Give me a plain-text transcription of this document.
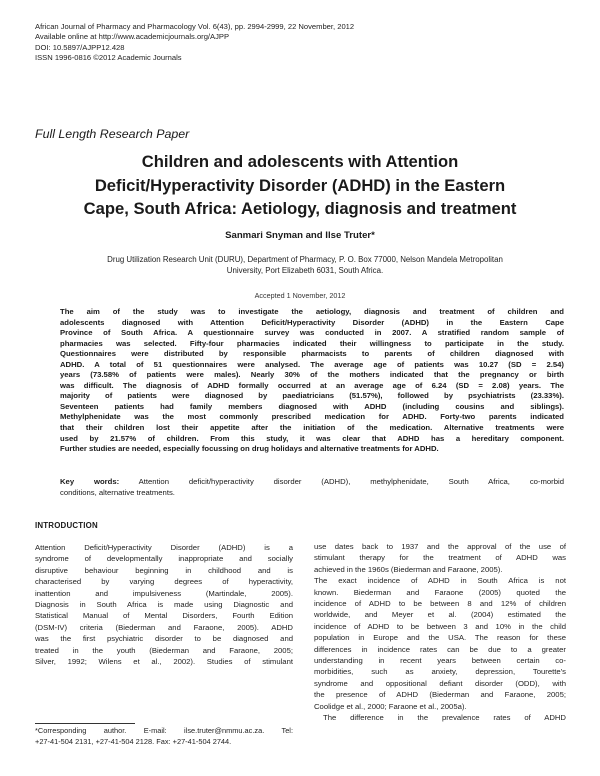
African Journal of Pharmacy and Pharmacology Vol. 6(43), pp. 2994-2999, 22 November, 2012
Available online at http://www.academicjournals.org/AJPP
DOI: 10.5897/AJPP12.428
ISSN 1996-0816 ©2012 Academic Journals
Full Length Research Paper
Children and adolescents with Attention
Deficit/Hyperactivity Disorder (ADHD) in the Eastern
Cape, South Africa: Aetiology, diagnosis and treatment
Sanmari Snyman and Ilse Truter*
Drug Utilization Research Unit (DURU), Department of Pharmacy, P. O. Box 77000, Nelson Mandela Metropolitan
University, Port Elizabeth 6031, South Africa.
Accepted 1 November, 2012
The aim of the study was to investigate the aetiology, diagnosis and treatment of children and
adolescents diagnosed with Attention Deficit/Hyperactivity Disorder (ADHD) in the Eastern Cape
Province of South Africa. A questionnaire survey was conducted in 2007. A stratified random sample of
pharmacies was selected. Fifty-four pharmacies indicated their willingness to participate in the study.
Questionnaires were distributed by responsible pharmacists to parents of children diagnosed with
ADHD. A total of 51 questionnaires were analysed. The average age of patients was 10.27 (SD = 2.54)
years (73.58% of patients were males). Nearly 30% of the mothers indicated that the pregnancy or birth
was difficult. The diagnosis of ADHD formally occurred at an average age of 6.24 (SD = 2.08) years. The
majority of patients were diagnosed by paediatricians (51.57%), followed by psychiatrists (23.33%).
Seventeen patients had family members diagnosed with ADHD (including cousins and siblings).
Methylphenidate was the most commonly prescribed medication for ADHD. Forty-two parents indicated
that their children lost their appetite after the initiation of the medication. Alternative treatments were
used by 21.57% of children. From this study, it was clear that ADHD has a hereditary component.
Further studies are needed, especially focussing on drug holidays and alternative treatments for ADHD.
Key words:	Attention deficit/hyperactivity disorder (ADHD), methylphenidate, South Africa, co-morbid
conditions, alternative treatments.
INTRODUCTION
Attention Deficit/Hyperactivity Disorder (ADHD) is a
syndrome of developmentally inappropriate and socially
disruptive behaviour beginning in childhood and is
characterised by varying degrees of hyperactivity,
inattention and impulsiveness (Martindale, 2005).
Diagnosis in South Africa is made using Diagnostic and
Statistical Manual of Mental Disorders, Fourth Edition
(DSM-IV) criteria (Biederman and Faraone, 2005). ADHD
was the first psychiatric disorder to be diagnosed and
treated in the youth (Biederman and Faraone, 2005;
Silver, 1992; Wilens et al., 2002). Studies of stimulant
use dates back to 1937 and the approval of the use of
stimulant therapy for the treatment of ADHD was
achieved in the 1960s (Biederman and Faraone, 2005).
The exact incidence of ADHD in South Africa is not
known. Biederman and Faraone (2005) quoted the
incidence of ADHD to be between 8 and 12% of children
worldwide, and Meyer et al. (2004) estimated the
incidence of ADHD to be between 3 and 10% in the child
population in Europe and the USA. The reason for these
differences in incidence rates can be due to a greater
understanding in recent years between certain co-
morbidities, such as anxiety, depression, Tourette's
syndrome and oppositional defiant disorder (ODD), with
the presence of ADHD (Biederman and Faraone, 2005;
Coolidge et al., 2000; Faraone et al., 2005a).
The difference in the prevalence rates of ADHD
*Corresponding author. E-mail: ilse.truter@nmmu.ac.za. Tel:
+27-41-504 2131, +27-41-504 2128. Fax: +27-41-504 2744.
